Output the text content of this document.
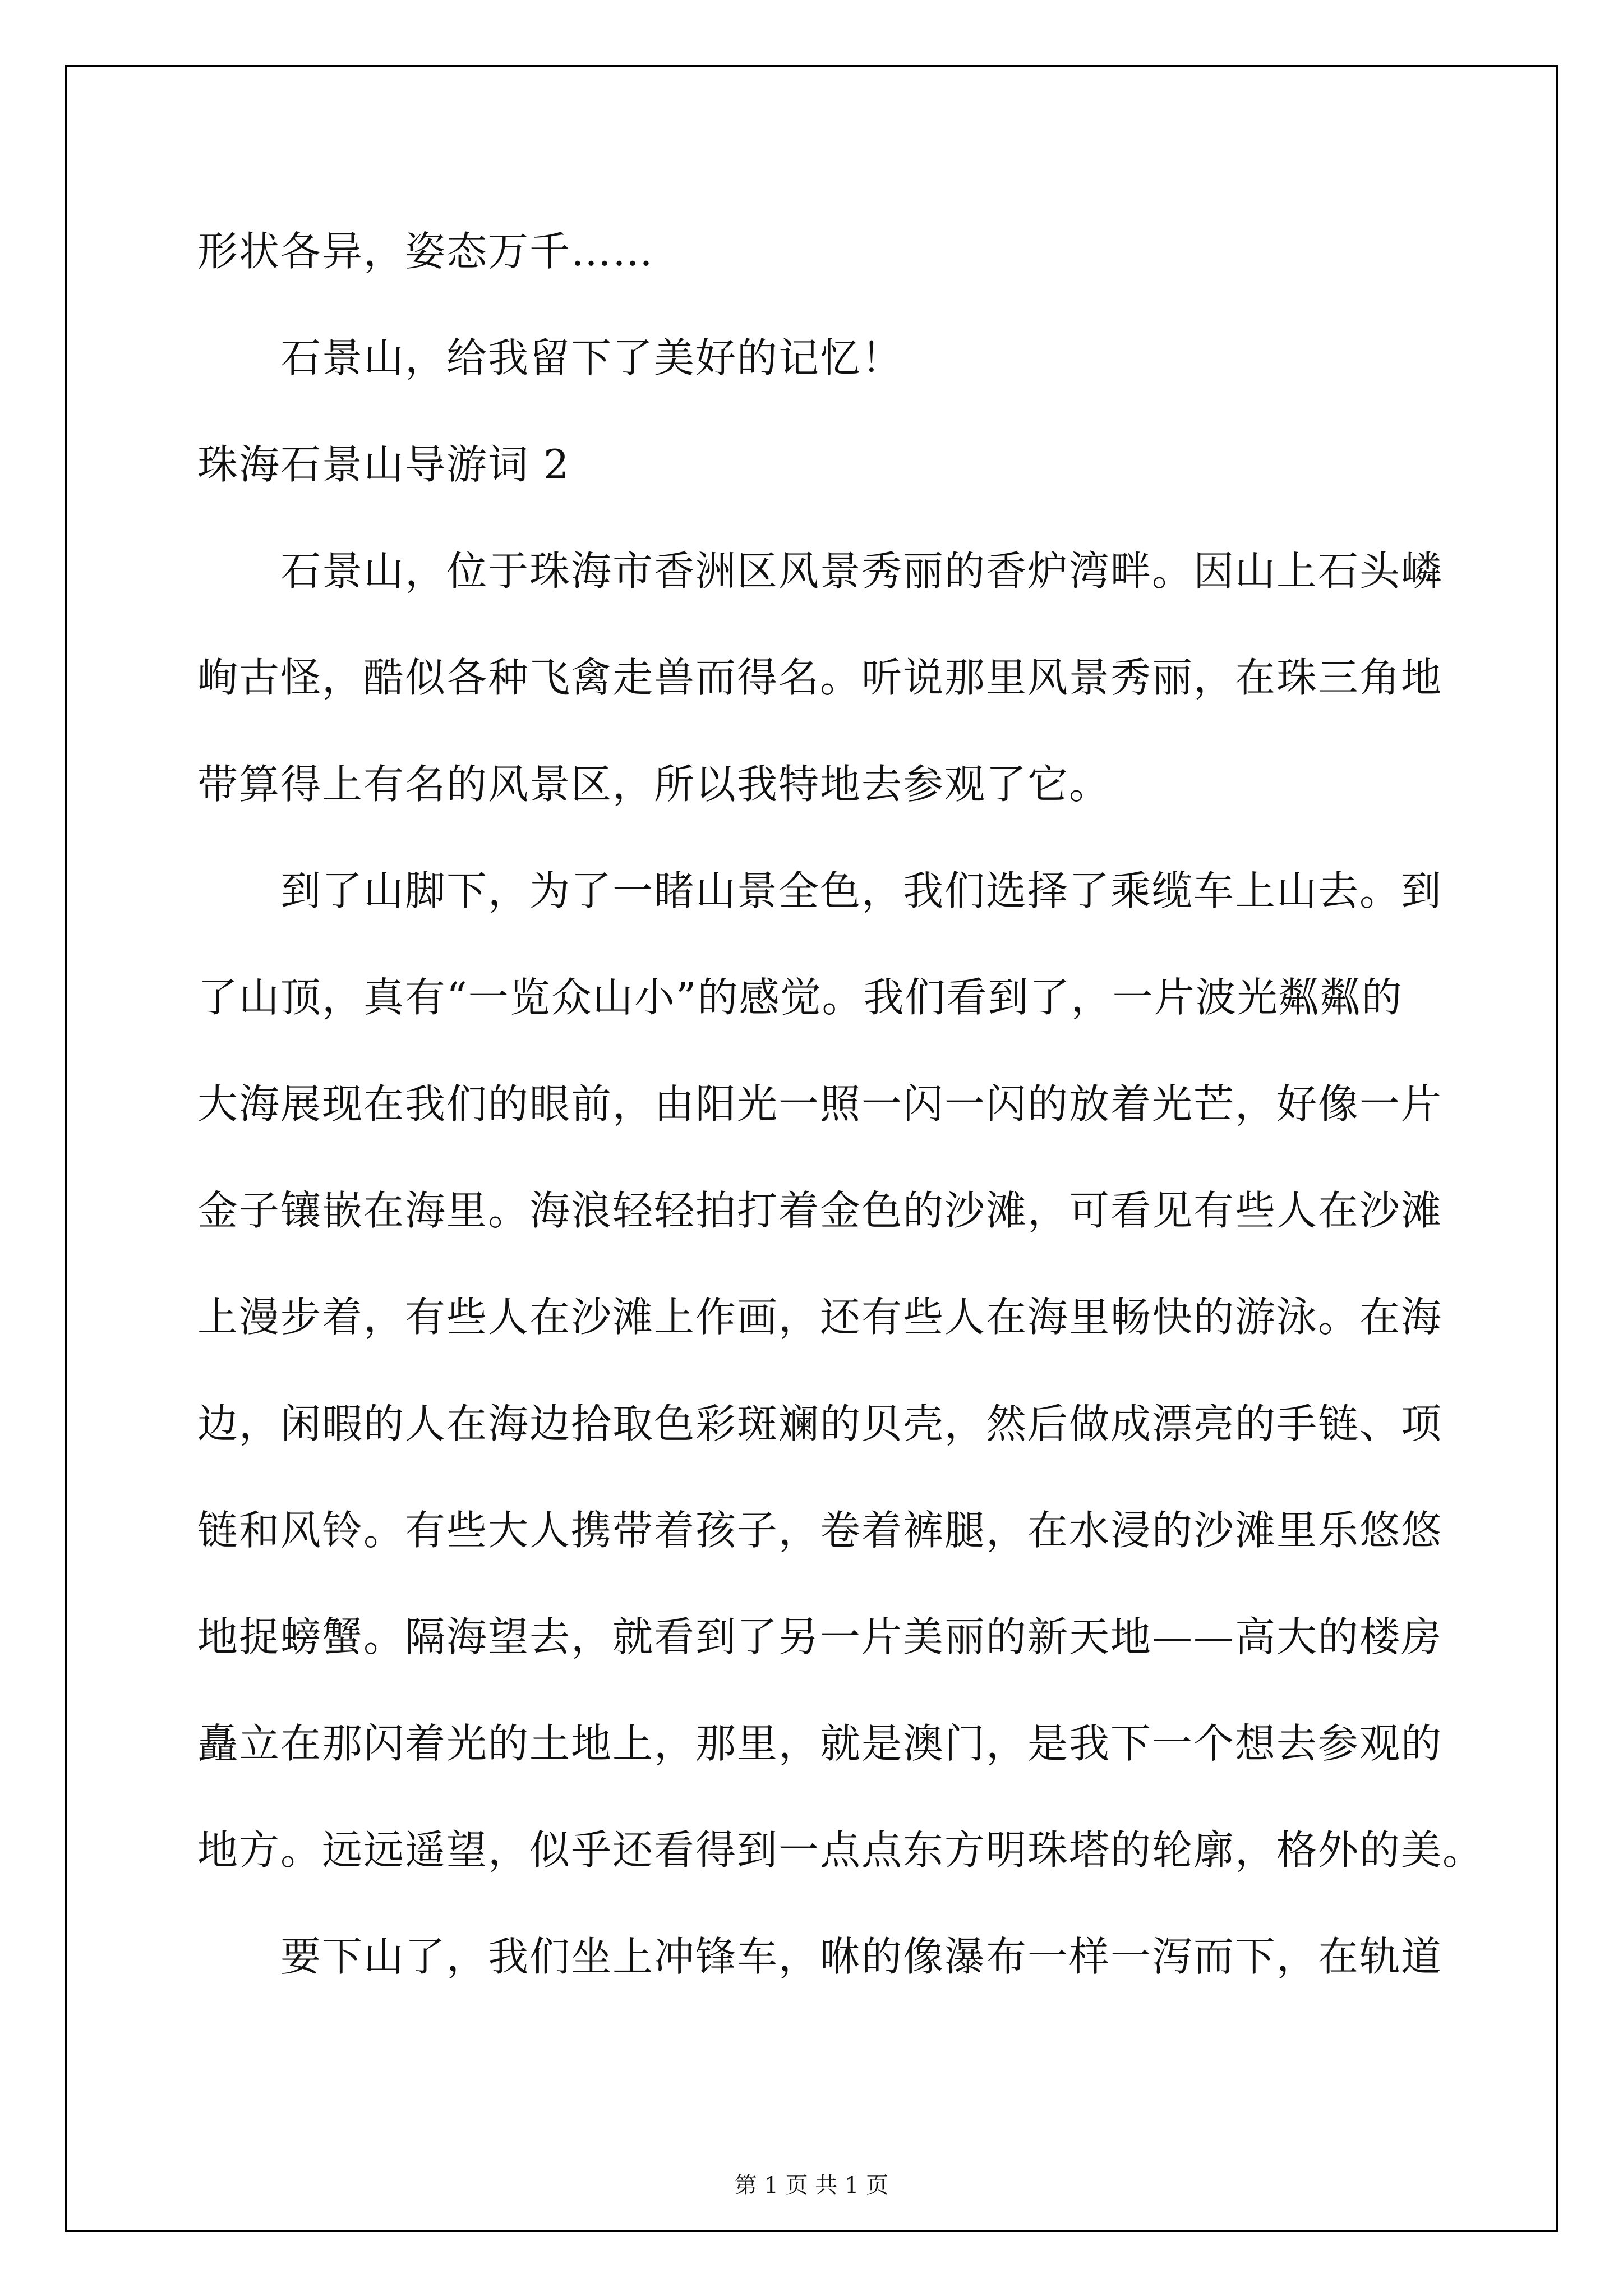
形状各异，姿态万千……
石景山，给我留下了美好的记忆！
珠海石景山导游词 2
石景山，位于珠海市香洲区风景秀丽的香炉湾畔。因山上石头嶙
峋古怪，酷似各种飞禽走兽而得名。听说那里风景秀丽，在珠三角地
带算得上有名的风景区，所以我特地去参观了它。
到了山脚下，为了一睹山景全色，我们选择了乘缆车上山去。到
了山顶，真有“一览众山小”的感觉。我们看到了，一片波光粼粼的
大海展现在我们的眼前，由阳光一照一闪一闪的放着光芒，好像一片
金子镶嵌在海里。海浪轻轻拍打着金色的沙滩，可看见有些人在沙滩
上漫步着，有些人在沙滩上作画，还有些人在海里畅快的游泳。在海
边，闲暇的人在海边拾取色彩斑斓的贝壳，然后做成漂亮的手链、项
链和风铃。有些大人携带着孩子，卷着裤腿，在水浸的沙滩里乐悠悠
地捉螃蟹。隔海望去，就看到了另一片美丽的新天地——高大的楼房
矗立在那闪着光的土地上，那里，就是澳门，是我下一个想去参观的
地方。远远遥望，似乎还看得到一点点东方明珠塔的轮廓，格外的美。
要下山了，我们坐上冲锋车，咻的像瀑布一样一泻而下，在轨道
第 1 页 共 1 页
